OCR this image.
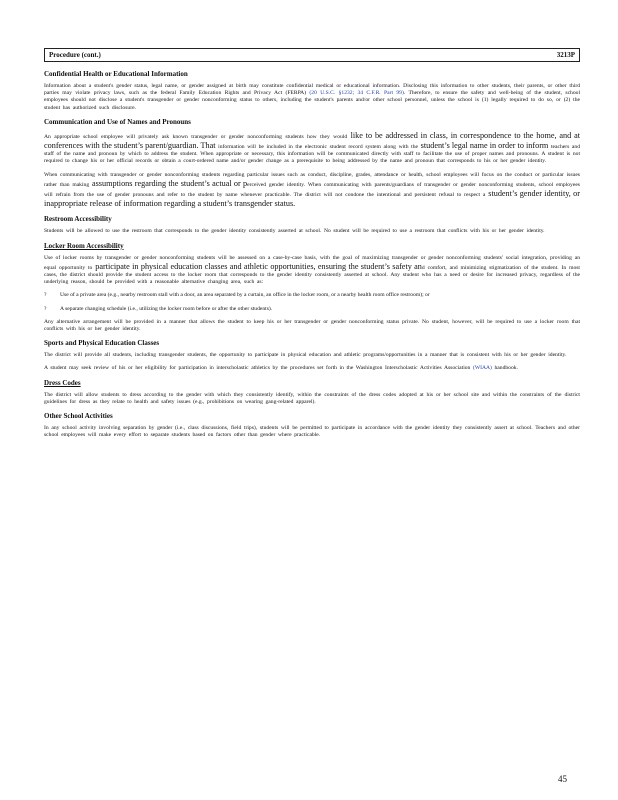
Procedure (cont.)	3213P
Confidential Health or Educational Information

Information about a student's gender status, legal name, or gender assigned at birth may constitute confidential medical or educational information. Disclosing this information to other students, their parents, or other third parties may violate privacy laws, such as the federal Family Education Rights and Privacy Act (FERPA) (20 U.S.C. §1232; 34 C.F.R. Part 99). Therefore, to ensure the safety and well-being of the student, school employees should not disclose a student's transgender or gender nonconforming status to others, including the student's parents and/or other school personnel, unless the school is (1) legally required to do so, or (2) the student has authorized such disclosure.

Communication and Use of Names and Pronouns

An appropriate school employee will privately ask known transgender or gender nonconforming students how they would like to be addressed in class, in correspondence to the home, and at conferences with the student’s parent/guardian. That information will be included in the electronic student record system along with the student’s legal name in order to inform teachers and staff of the name and pronoun by which to address the student. When appropriate or necessary, this information will be communicated directly with staff to facilitate the use of proper names and pronouns. A student is not required to change his or her official records or obtain a court-ordered name and/or gender change as a prerequisite to being addressed by the name and pronoun that corresponds to his or her gender identity.

When communicating with transgender or gender nonconforming students regarding particular issues such as conduct, discipline, grades, attendance or health, school employees will focus on the conduct or particular issues rather than making assumptions regarding the student’s actual or perceived gender identity. When communicating with parents/guardians of transgender or gender nonconforming students, school employees will refrain from the use of gender pronouns and refer to the student by name whenever practicable. The district will not condone the intentional and persistent refusal to respect a student’s gender identity, or inappropriate release of information regarding a student’s transgender status.

Restroom Accessibility

Students will be allowed to use the restroom that corresponds to the gender identity consistently asserted at school. No student will be required to use a restroom that conflicts with his or her gender identity.

Locker Room Accessibility

Use of locker rooms by transgender or gender nonconforming students will be assessed on a case-by-case basis, with the goal of maximizing transgender or gender nonconforming students' social integration, providing an equal opportunity to participate in physical education classes and athletic opportunities, ensuring the student’s safety and comfort, and minimizing stigmatization of the student. In most cases, the district should provide the student access to the locker room that corresponds to the gender identity consistently asserted at school. Any student who has a need or desire for increased privacy, regardless of the underlying reason, should be provided with a reasonable alternative changing area, such as:

?	Use of a private area (e.g., nearby restroom stall with a door, an area separated by a curtain, an office in the locker room, or a nearby health room office restroom); or
?	A separate changing schedule (i.e., utilizing the locker room before or after the other students).

Any alternative arrangement will be provided in a manner that allows the student to keep his or her transgender or gender nonconforming status private. No student, however, will be required to use a locker room that conflicts with his or her gender identity.

Sports and Physical Education Classes

The district will provide all students, including transgender students, the opportunity to participate in physical education and athletic programs/opportunities in a manner that is consistent with his or her gender identity.

A student may seek review of his or her eligibility for participation in interscholastic athletics by the procedures set forth in the Washington Interscholastic Activities Association (WIAA) handbook.

Dress Codes

The district will allow students to dress according to the gender with which they consistently identify, within the constraints of the dress codes adopted at his or her school site and within the constraints of the district guidelines for dress as they relate to health and safety issues (e.g., prohibitions on wearing gang-related apparel).

Other School Activities

In any school activity involving separation by gender (i.e., class discussions, field trips), students will be permitted to participate in accordance with the gender identity they consistently assert at school. Teachers and other school employees will make every effort to separate students based on factors other than gender where practicable.

45
